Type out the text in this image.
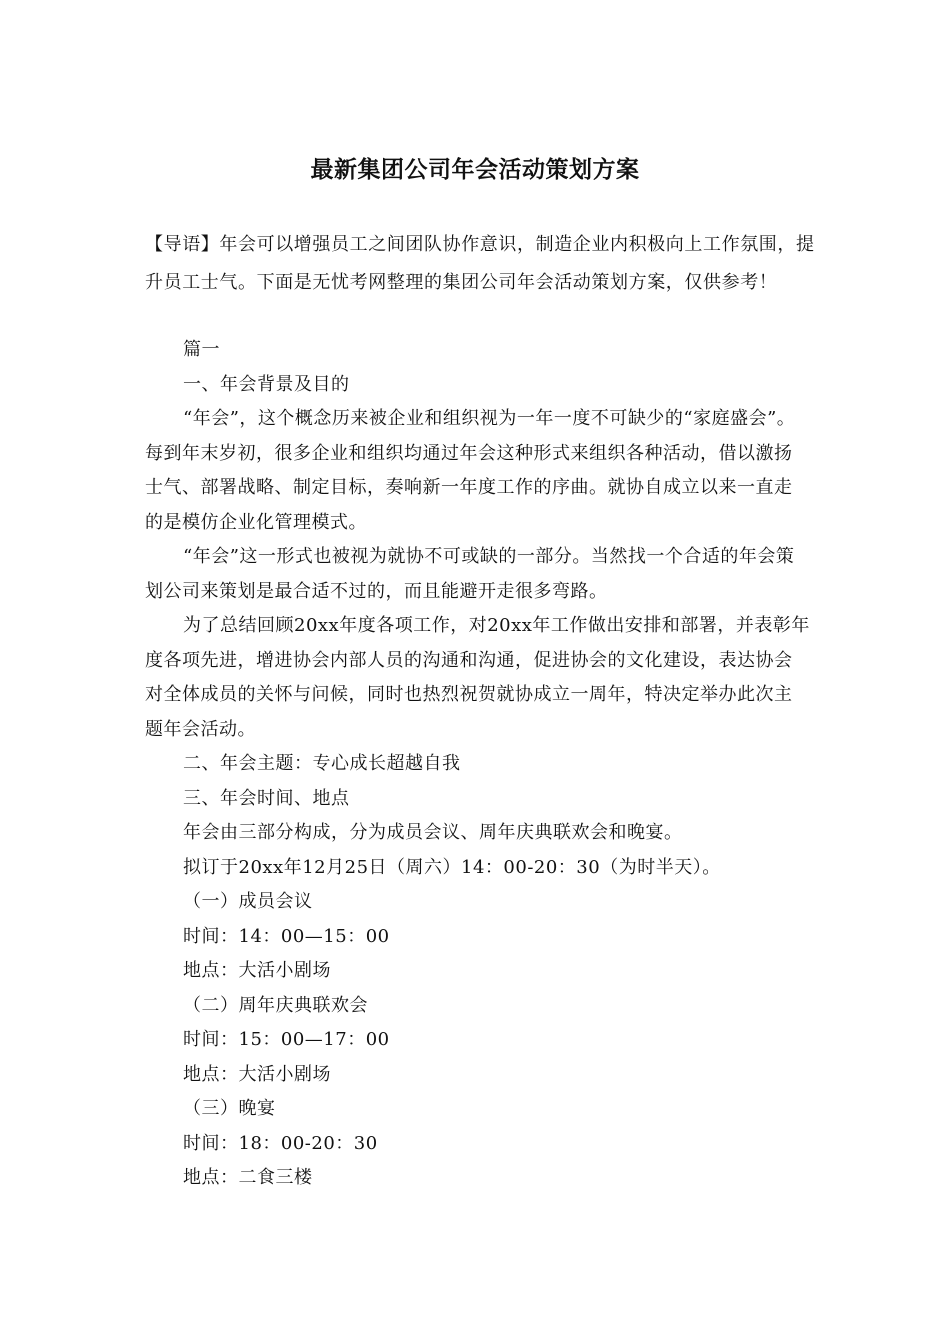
最新集团公司年会活动策划方案

【导语】年会可以增强员工之间团队协作意识，制造企业内积极向上工作氛围，提升员工士气。下面是无忧考网整理的集团公司年会活动策划方案，仅供参考！

篇一

一、年会背景及目的

“年会”，这个概念历来被企业和组织视为一年一度不可缺少的“家庭盛会”。每到年末岁初，很多企业和组织均通过年会这种形式来组织各种活动，借以激扬士气、部署战略、制定目标，奏响新一年度工作的序曲。就协自成立以来一直走的是模仿企业化管理模式。

“年会”这一形式也被视为就协不可或缺的一部分。当然找一个合适的年会策划公司来策划是最合适不过的，而且能避开走很多弯路。

为了总结回顾20xx年度各项工作，对20xx年工作做出安排和部署，并表彰年度各项先进，增进协会内部人员的沟通和沟通，促进协会的文化建设，表达协会对全体成员的关怀与问候，同时也热烈祝贺就协成立一周年，特决定举办此次主题年会活动。

二、年会主题：专心成长超越自我

三、年会时间、地点

年会由三部分构成，分为成员会议、周年庆典联欢会和晚宴。

拟订于20xx年12月25日（周六）14：00-20：30（为时半天）。

（一）成员会议

时间：14：00—15：00

地点：大活小剧场

（二）周年庆典联欢会

时间：15：00—17：00

地点：大活小剧场

（三）晚宴

时间：18：00-20：30

地点：二食三楼
